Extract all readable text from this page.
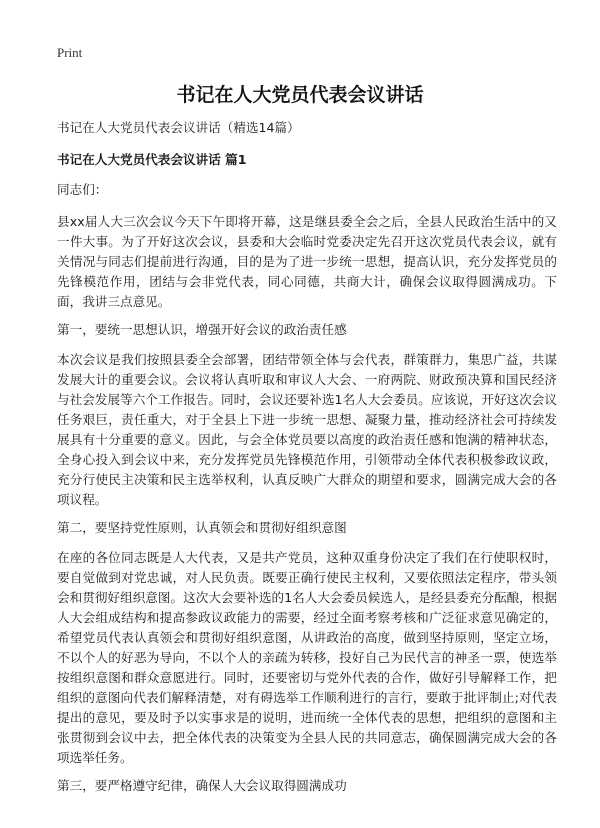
Print
书记在人大党员代表会议讲话

书记在人大党员代表会议讲话（精选14篇）

书记在人大党员代表会议讲话 篇1

同志们：

县xx届人大三次会议今天下午即将开幕，这是继县委全会之后，全县人民政治生活中的又一件大事。为了开好这次会议，县委和大会临时党委决定先召开这次党员代表会议，就有关情况与同志们提前进行沟通，目的是为了进一步统一思想，提高认识，充分发挥党员的先锋模范作用，团结与会非党代表，同心同德，共商大计，确保会议取得圆满成功。下面，我讲三点意见。

第一，要统一思想认识，增强开好会议的政治责任感

本次会议是我们按照县委全会部署，团结带领全体与会代表，群策群力，集思广益，共谋发展大计的重要会议。会议将认真听取和审议人大会、一府两院、财政预决算和国民经济与社会发展等六个工作报告。同时，会议还要补选1名人大会委员。应该说，开好这次会议任务艰巨，责任重大，对于全县上下进一步统一思想、凝聚力量，推动经济社会可持续发展具有十分重要的意义。因此，与会全体党员要以高度的政治责任感和饱满的精神状态，全身心投入到会议中来，充分发挥党员先锋模范作用，引领带动全体代表积极参政议政，充分行使民主决策和民主选举权利，认真反映广大群众的期望和要求，圆满完成大会的各项议程。

第二，要坚持党性原则，认真领会和贯彻好组织意图

在座的各位同志既是人大代表，又是共产党员，这种双重身份决定了我们在行使职权时，要自觉做到对党忠诚，对人民负责。既要正确行使民主权利，又要依照法定程序，带头领会和贯彻好组织意图。这次大会要补选的1名人大会委员候选人，是经县委充分酝酿，根据人大会组成结构和提高参政议政能力的需要，经过全面考察考核和广泛征求意见确定的，希望党员代表认真领会和贯彻好组织意图，从讲政治的高度，做到坚持原则，坚定立场，不以个人的好恶为导向，不以个人的亲疏为转移，投好自己为民代言的神圣一票，使选举按组织意图和群众意愿进行。同时，还要密切与党外代表的合作，做好引导解释工作，把组织的意图向代表们解释清楚，对有碍选举工作顺利进行的言行，要敢于批评制止;对代表提出的意见，要及时予以实事求是的说明，进而统一全体代表的思想，把组织的意图和主张贯彻到会议中去，把全体代表的决策变为全县人民的共同意志，确保圆满完成大会的各项选举任务。

第三，要严格遵守纪律，确保人大会议取得圆满成功
